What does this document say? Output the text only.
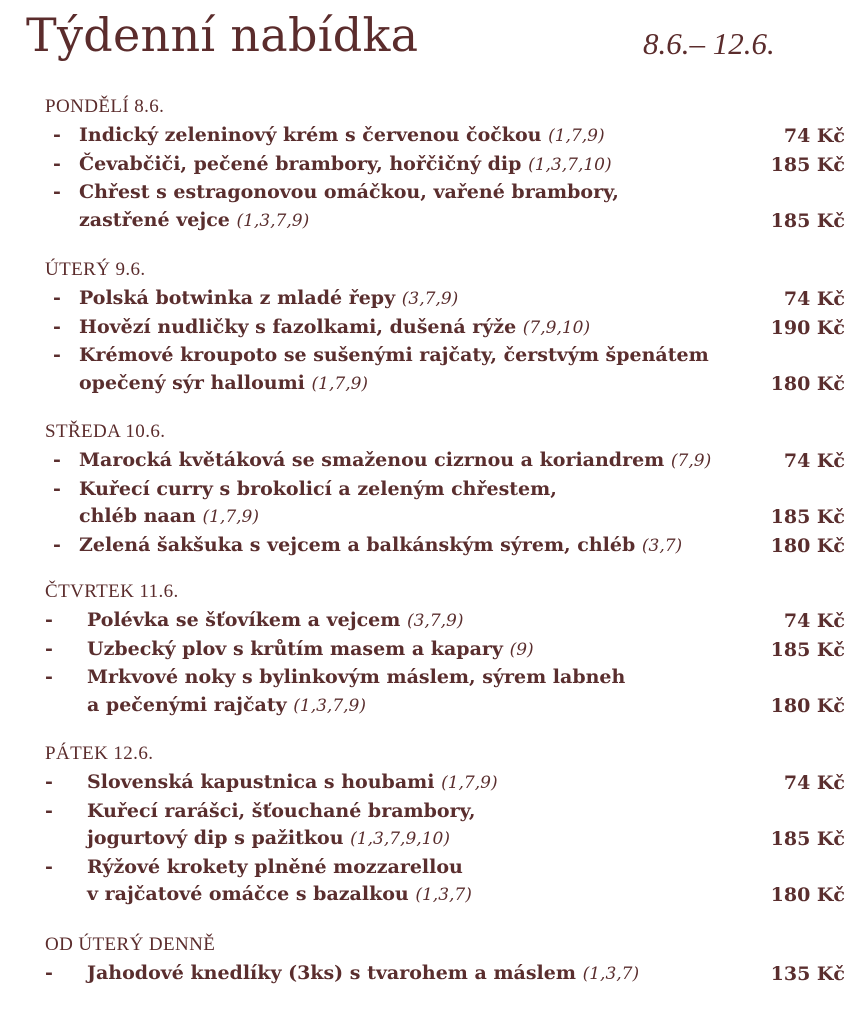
Týdenní nabídka	8.6.– 12.6.
PONDĚLÍ 8.6.
- Indický zeleninový krém s červenou čočkou (1,7,9)	74 Kč
- Čevabčiči, pečené brambory, hořčičný dip (1,3,7,10)	185 Kč
- Chřest s estragonovou omáčkou, vařené brambory,
zastřené vejce (1,3,7,9)	185 Kč
ÚTERÝ 9.6.
- Polská botwinka z mladé řepy (3,7,9)	74 Kč
- Hovězí nudličky s fazolkami, dušená rýže (7,9,10)	190 Kč
- Krémové kroupoto se sušenými rajčaty, čerstvým špenátem
opečený sýr halloumi (1,7,9)	180 Kč
STŘEDA 10.6.
- Marocká květáková se smaženou cizrnou a koriandrem (7,9)	74 Kč
- Kuřecí curry s brokolicí a zeleným chřestem,
chléb naan (1,7,9)	185 Kč
- Zelená šakšuka s vejcem a balkánským sýrem, chléb (3,7)	180 Kč
ČTVRTEK 11.6.
-	Polévka se šťovíkem a vejcem (3,7,9)	74 Kč
-	Uzbecký plov s krůtím masem a kapary (9)	185 Kč
-	Mrkvové noky s bylinkovým máslem, sýrem labneh
a pečenými rajčaty (1,3,7,9)	180 Kč
PÁTEK 12.6.
-	Slovenská kapustnica s houbami (1,7,9)	74 Kč
-	Kuřecí rarášci, šťouchané brambory,
jogurtový dip s pažitkou (1,3,7,9,10)	185 Kč
-	Rýžové krokety plněné mozzarellou
v rajčatové omáčce s bazalkou (1,3,7)	180 Kč
OD ÚTERÝ DENNĚ
-	Jahodové knedlíky (3ks) s tvarohem a máslem (1,3,7)	135 Kč
